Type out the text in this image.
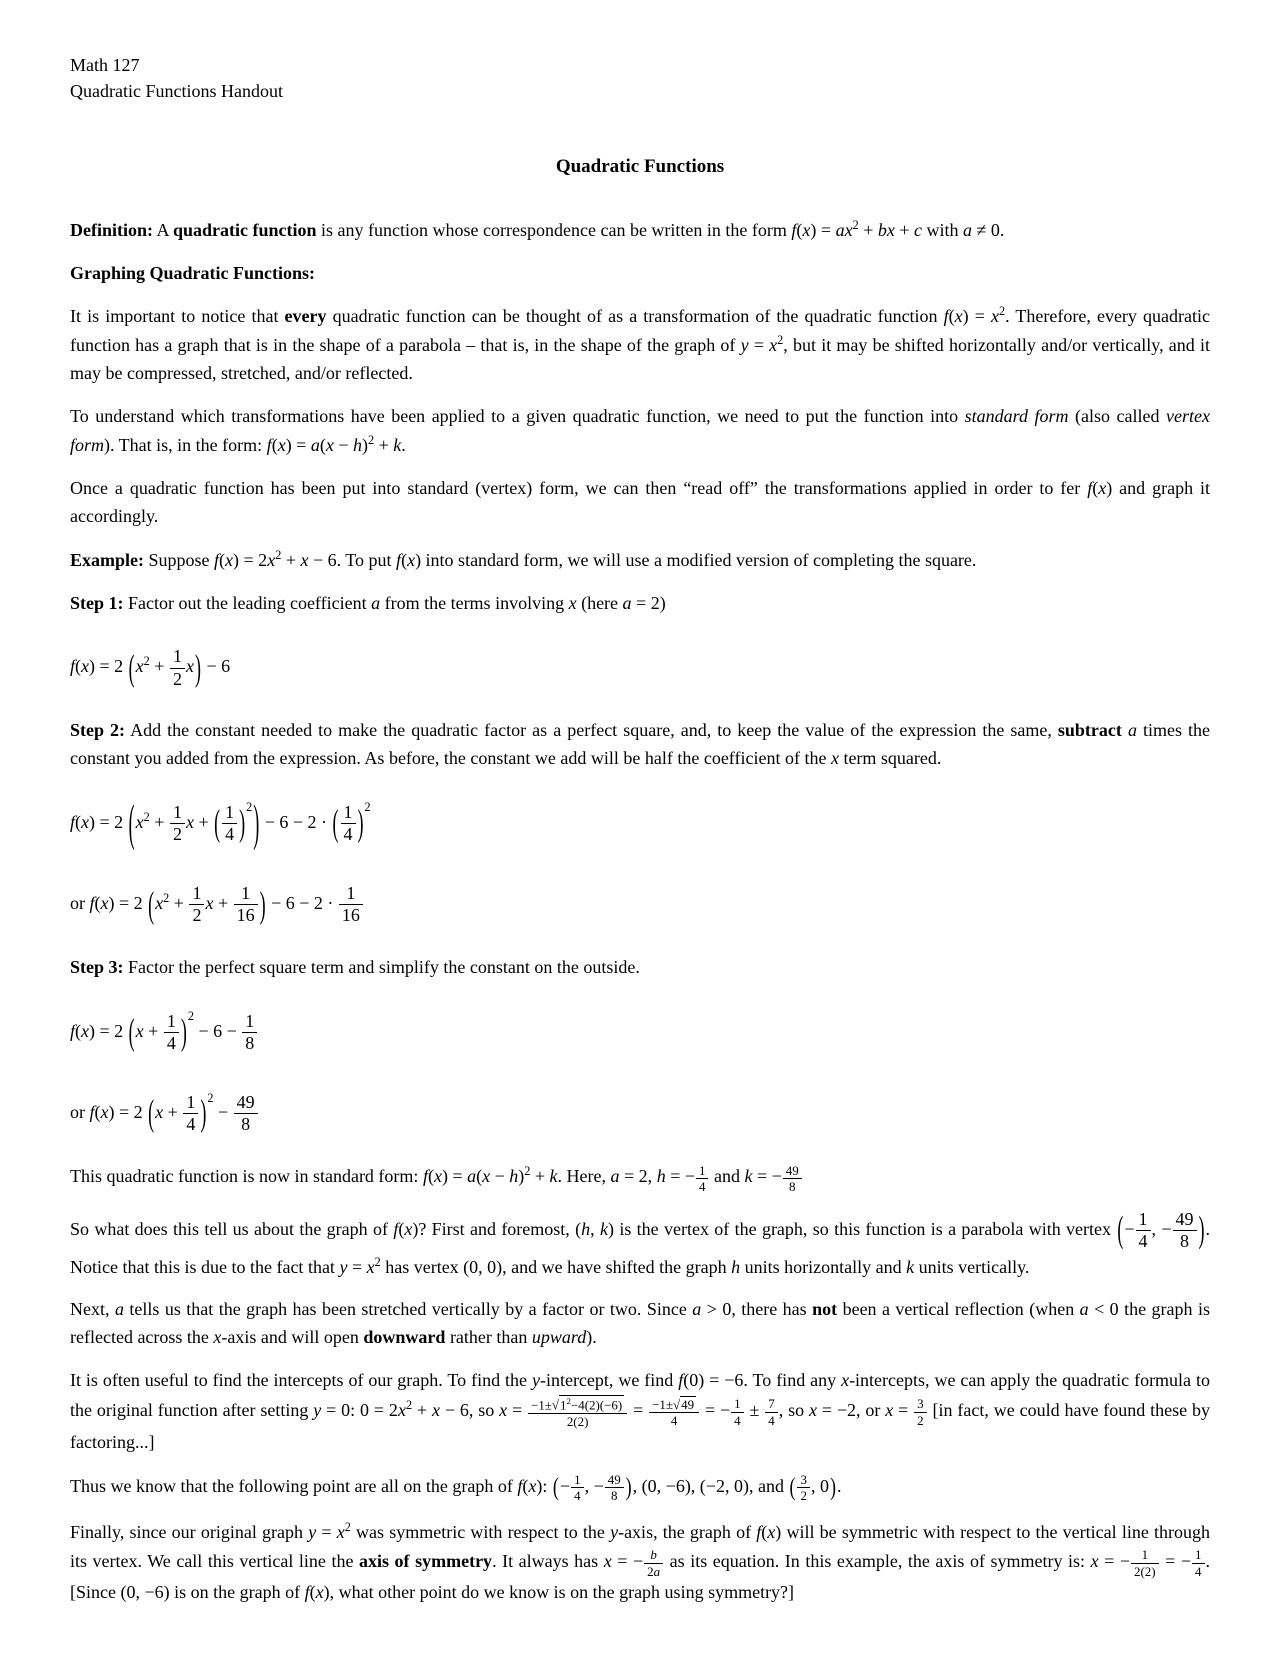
Math 127
Quadratic Functions Handout
Quadratic Functions

Definition: A quadratic function is any function whose correspondence can be written in the form $f(x) = ax^2$ + bx + c with a ≠ 0.

Graphing Quadratic Functions:

It is important to notice that every quadratic function can be thought of as a transformation of the quadratic function $f(x) = x^2$. Therefore, every quadratic function has a graph that is in the shape of a parabola – that is, in the shape of the graph of $y = x^2$, but it may be shifted horizontally and/or vertically, and it may be compressed, stretched, and/or reflected.

To understand which transformations have been applied to a given quadratic function, we need to put the function into standard form (also called vertex form). That is, in the form: $f(x) = a(x - h)^2 + k$.

Once a quadratic function has been put into standard (vertex) form, we can then “read off” the transformations applied in order to fer f(x) and graph it accordingly.

Example: Suppose $f(x) = 2x^2 + x - 6$. To put f(x) into standard form, we will use a modified version of completing the square.

Step 1: Factor out the leading coefficient a from the terms involving x (here a = 2)

f(x) = 2 $(x^2 + \frac{1}{2} x) - 6$

Step 2: Add the constant needed to make the quadratic factor as a perfect square, and, to keep the value of the expression the same, subtract a times the constant you added from the expression. As before, the constant we add will be half the coefficient of the x term squared.

f(x) = 2 ($x^2 + \frac{1}{2}$ x + ( $\frac{1}{4} )^2) - 6 - 2$ · ( $\frac{1}{4} )^2$
or f(x) = 2 ($x^2 + \frac{1}{2}$ $x + \frac{1}{16}$ ) − $6 - 2 \cdot \frac{1}{16}$

Step 3: Factor the perfect square term and simplify the constant on the outside.

f(x) = 2 $(x + \frac{1}{4} )^2 - 6 - \frac{1}{8}$
or f(x) = 2 $(x + \frac{1}{4} )^2 - \frac{49}{8}$

This quadratic function is now in standard form: $f(x) = a(x - h)^2 + k$. Here, a = 2, h = − $\frac{1}{4}$ and k = − $\frac{49}{8}$

So what does this tell us about the graph of f(x)? First and foremost, (h, k) is the vertex of the graph, so this function is a parabola with vertex (− $\frac{1}{4}$ , − $\frac{49}{8}$ ). Notice that this is due to the fact that $y = x^2$ has vertex (0, 0), and we have shifted the graph h units horizontally and k units vertically.

Next, a tells us that the graph has been stretched vertically by a factor or two. Since a > 0, there has not been a vertical reflection (when a < 0 the graph is reflected across the x-axis and will open downward rather than upward).

It is often useful to find the intercepts of our graph. To find the y-intercept, we find f(0) = −6. To find any x-intercepts, we can apply the quadratic formula to the original function after setting y = 0: $0 = 2x^2 + x - 6$, so $x = \frac{-1\pm√1^2-4(2)(-6)}{2(2)} = \frac{-1\pm√49}{4}$ = − $\frac{1}{4} \pm \frac{7}{4}$ , so x = −2, or $x = \frac{3}{2} [in$ fact, we could have found these by factoring...]

Thus we know that the following point are all on the graph of f(x): (− $\frac{1}{4}$ , − $\frac{49}{8}$ ), (0, −6), (−2, 0), and ( $\frac{3}{2}$ , 0).

Finally, since our original graph $y = x^2$ was symmetric with respect to the y-axis, the graph of f(x) will be symmetric with respect to the vertical line through its vertex. We call this vertical line the axis of symmetry. It always has x = − $\frac{b}{2a}$ as its equation. In this example, the axis of symmetry is: x = − $\frac{1}{2(2)}$ = − $\frac{1}{4}$ . [Since (0, −6) is on the graph of f(x), what other point do we know is on the graph using symmetry?]
